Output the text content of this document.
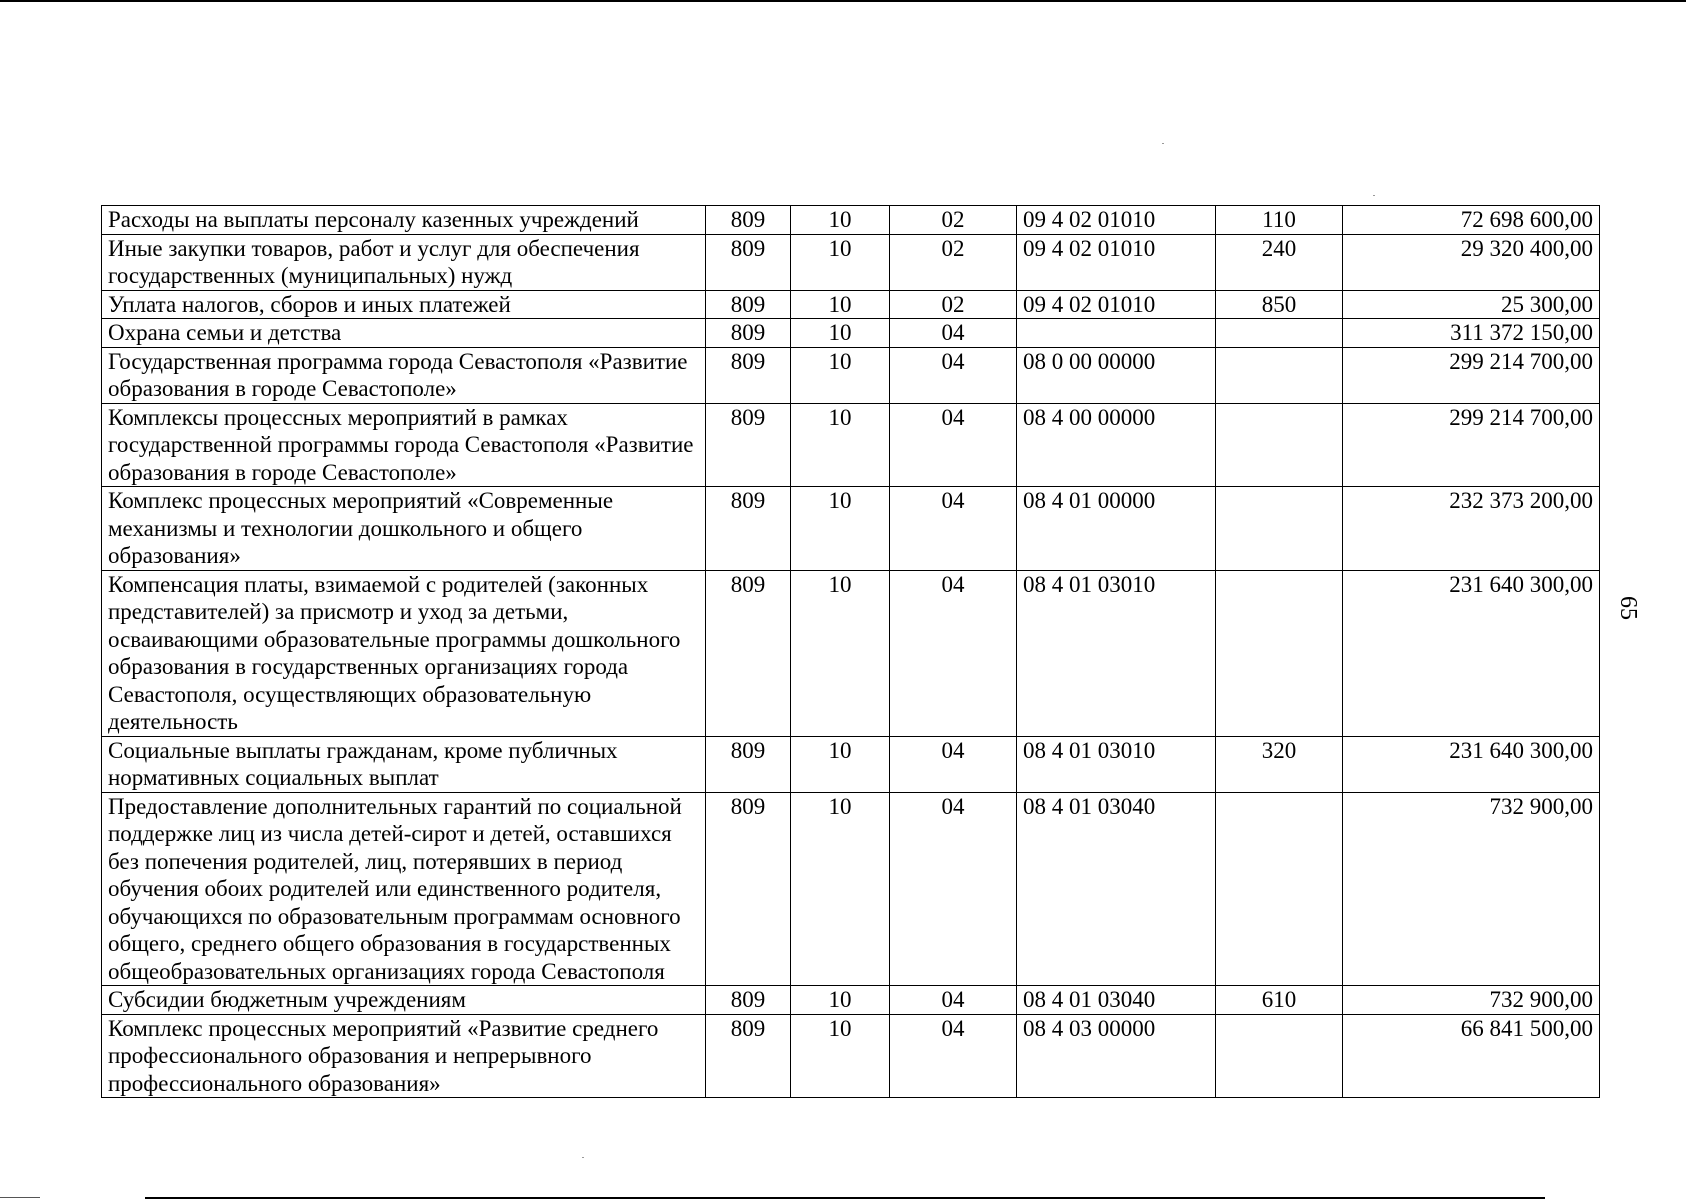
Расходы на выплаты персоналу казенных учреждений	809	10	02	09 4 02 01010	110	72 698 600,00
Иные закупки товаров, работ и услуг для обеспечения государственных (муниципальных) нужд	809	10	02	09 4 02 01010	240	29 320 400,00
Уплата налогов, сборов и иных платежей	809	10	02	09 4 02 01010	850	25 300,00
Охрана семьи и детства	809	10	04			311 372 150,00
Государственная программа города Севастополя «Развитие образования в городе Севастополе»	809	10	04	08 0 00 00000		299 214 700,00
Комплексы процессных мероприятий в рамках государственной программы города Севастополя «Развитие образования в городе Севастополе»	809	10	04	08 4 00 00000		299 214 700,00
Комплекс процессных мероприятий «Современные механизмы и технологии дошкольного и общего образования»	809	10	04	08 4 01 00000		232 373 200,00
Компенсация платы, взимаемой с родителей (законных представителей) за присмотр и уход за детьми, осваивающими образовательные программы дошкольного образования в государственных организациях города Севастополя, осуществляющих образовательную деятельность	809	10	04	08 4 01 03010		231 640 300,00
Социальные выплаты гражданам, кроме публичных нормативных социальных выплат	809	10	04	08 4 01 03010	320	231 640 300,00
Предоставление дополнительных гарантий по социальной поддержке лиц из числа детей-сирот и детей, оставшихся без попечения родителей, лиц, потерявших в период обучения обоих родителей или единственного родителя, обучающихся по образовательным программам основного общего, среднего общего образования в государственных общеобразовательных организациях города Севастополя	809	10	04	08 4 01 03040		732 900,00
Субсидии бюджетным учреждениям	809	10	04	08 4 01 03040	610	732 900,00
Комплекс процессных мероприятий «Развитие среднего профессионального образования и непрерывного профессионального образования»	809	10	04	08 4 03 00000		66 841 500,00
65
